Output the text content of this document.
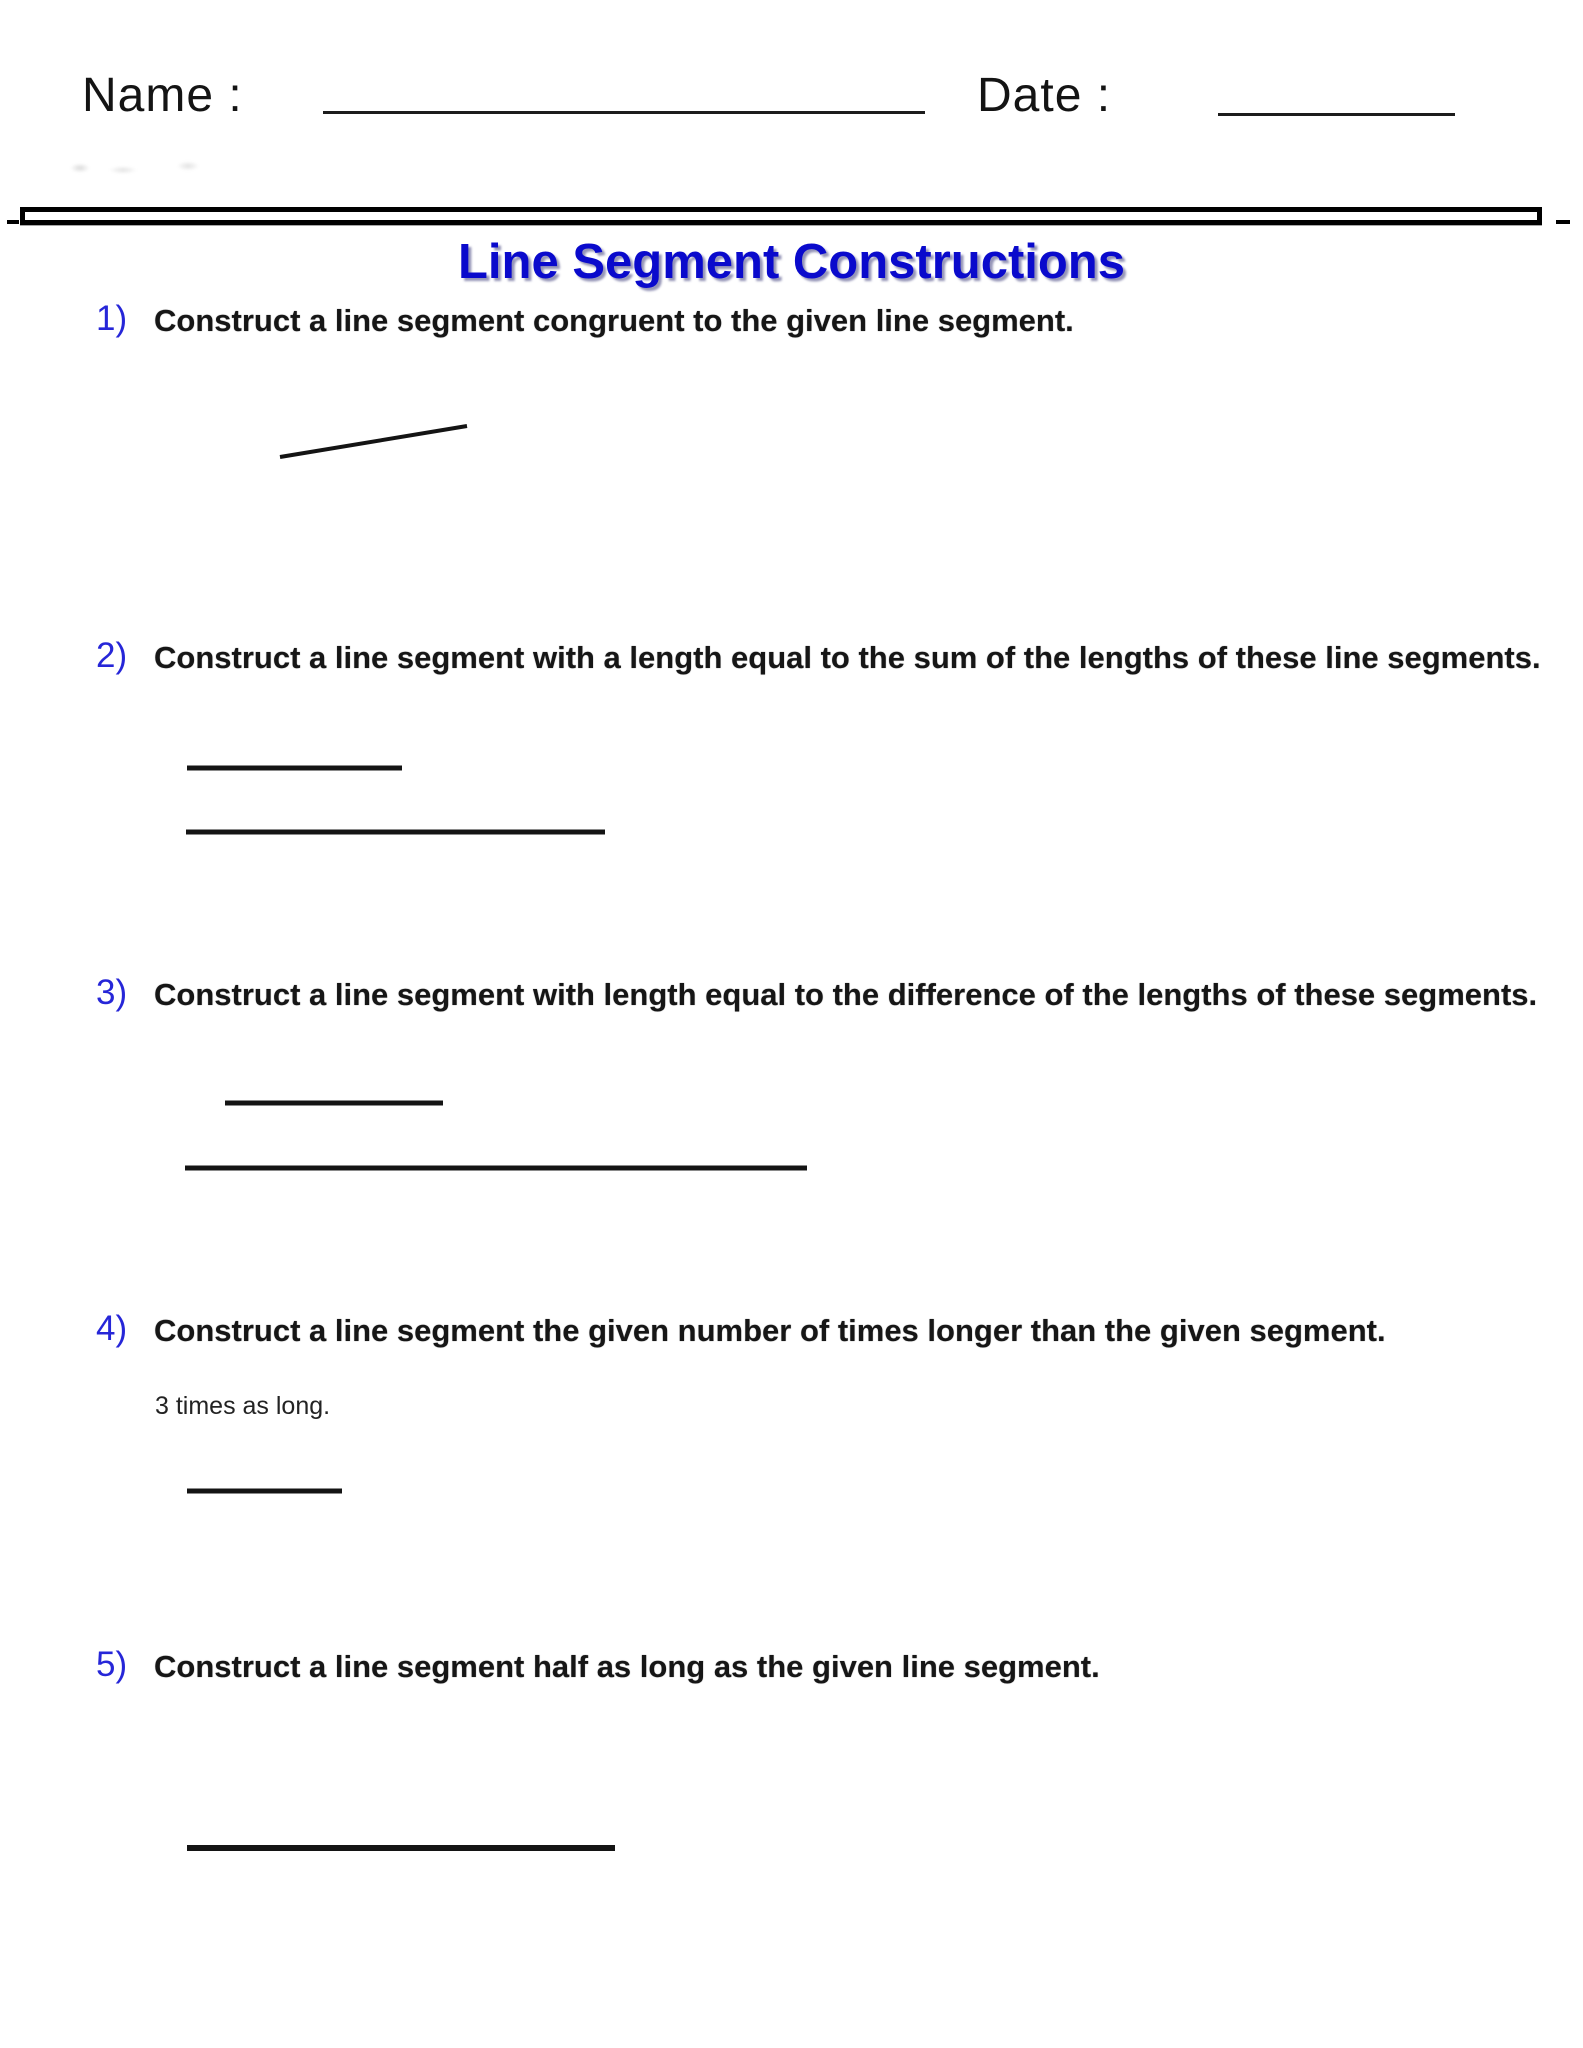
Name :	Date :
Line Segment Constructions
1) Construct a line segment congruent to the given line segment.
2) Construct a line segment with a length equal to the sum of the lengths of these line segments.
3) Construct a line segment with length equal to the difference of the lengths of these segments.
4) Construct a line segment the given number of times longer than the given segment.
3 times as long.
5) Construct a line segment half as long as the given line segment.
